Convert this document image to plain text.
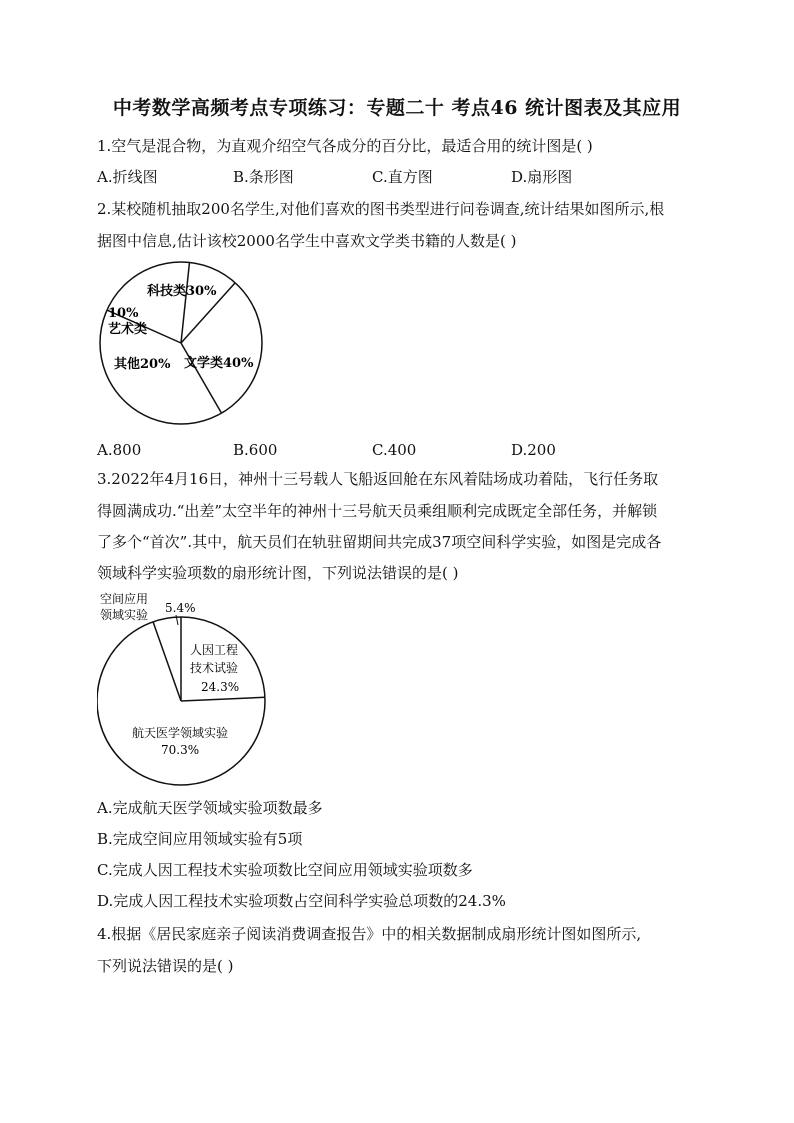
中考数学高频考点专项练习：专题二十 考点46 统计图表及其应用
1.空气是混合物，为直观介绍空气各成分的百分比，最适合用的统计图是( )
A.折线图	B.条形图	C.直方图	D.扇形图
2.某校随机抽取200名学生,对他们喜欢的图书类型进行问卷调查,统计结果如图所示,根
据图中信息,估计该校2000名学生中喜欢文学类书籍的人数是( )
科技类30%
文学类40%
其他20%
10%
艺术类
A.800	B.600	C.400	D.200
3.2022年4月16日，神州十三号载人飞船返回舱在东风着陆场成功着陆，飞行任务取
得圆满成功.“出差”太空半年的神州十三号航天员乘组顺利完成既定全部任务，并解锁
了多个“首次”.其中，航天员们在轨驻留期间共完成37项空间科学实验，如图是完成各
领域科学实验项数的扇形统计图，下列说法错误的是( )
空间应用
领域实验 5.4%
人因工程
技术试验
24.3%
航天医学领域实验
70.3%
A.完成航天医学领域实验项数最多
B.完成空间应用领域实验有5项
C.完成人因工程技术实验项数比空间应用领域实验项数多
D.完成人因工程技术实验项数占空间科学实验总项数的24.3%
4.根据《居民家庭亲子阅读消费调查报告》中的相关数据制成扇形统计图如图所示,
下列说法错误的是( )
